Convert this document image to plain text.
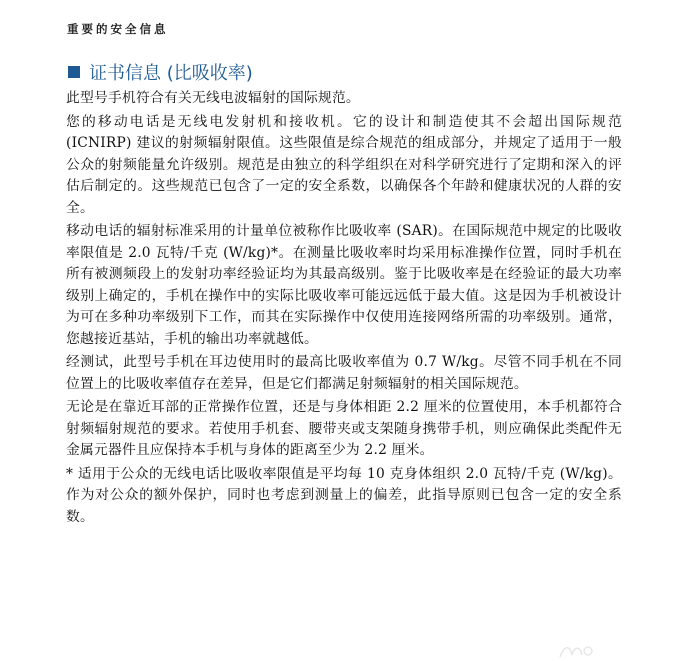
重要的安全信息
证书信息 (比吸收率)

此型号手机符合有关无线电波辐射的国际规范。

您的移动电话是无线电发射机和接收机。它的设计和制造使其不会超出国际规范 (ICNIRP) 建议的射频辐射限值。这些限值是综合规范的组成部分，并规定了适用于一般公众的射频能量允许级别。规范是由独立的科学组织在对科学研究进行了定期和深入的评估后制定的。这些规范已包含了一定的安全系数，以确保各个年龄和健康状况的人群的安全。

移动电话的辐射标准采用的计量单位被称作比吸收率 (SAR)。在国际规范中规定的比吸收率限值是 2.0 瓦特/千克 (W/kg)*。在测量比吸收率时均采用标准操作位置，同时手机在所有被测频段上的发射功率经验证均为其最高级别。鉴于比吸收率是在经验证的最大功率级别上确定的，手机在操作中的实际比吸收率可能远远低于最大值。这是因为手机被设计为可在多种功率级别下工作，而其在实际操作中仅使用连接网络所需的功率级别。通常，您越接近基站，手机的输出功率就越低。

经测试，此型号手机在耳边使用时的最高比吸收率值为 0.7 W/kg。尽管不同手机在不同位置上的比吸收率值存在差异，但是它们都满足射频辐射的相关国际规范。

无论是在靠近耳部的正常操作位置，还是与身体相距 2.2 厘米的位置使用，本手机都符合射频辐射规范的要求。若使用手机套、腰带夹或支架随身携带手机，则应确保此类配件无金属元器件且应保持本手机与身体的距离至少为 2.2 厘米。

* 适用于公众的无线电话比吸收率限值是平均每 10 克身体组织 2.0 瓦特/千克 (W/kg)。作为对公众的额外保护，同时也考虑到测量上的偏差，此指导原则已包含一定的安全系数。
